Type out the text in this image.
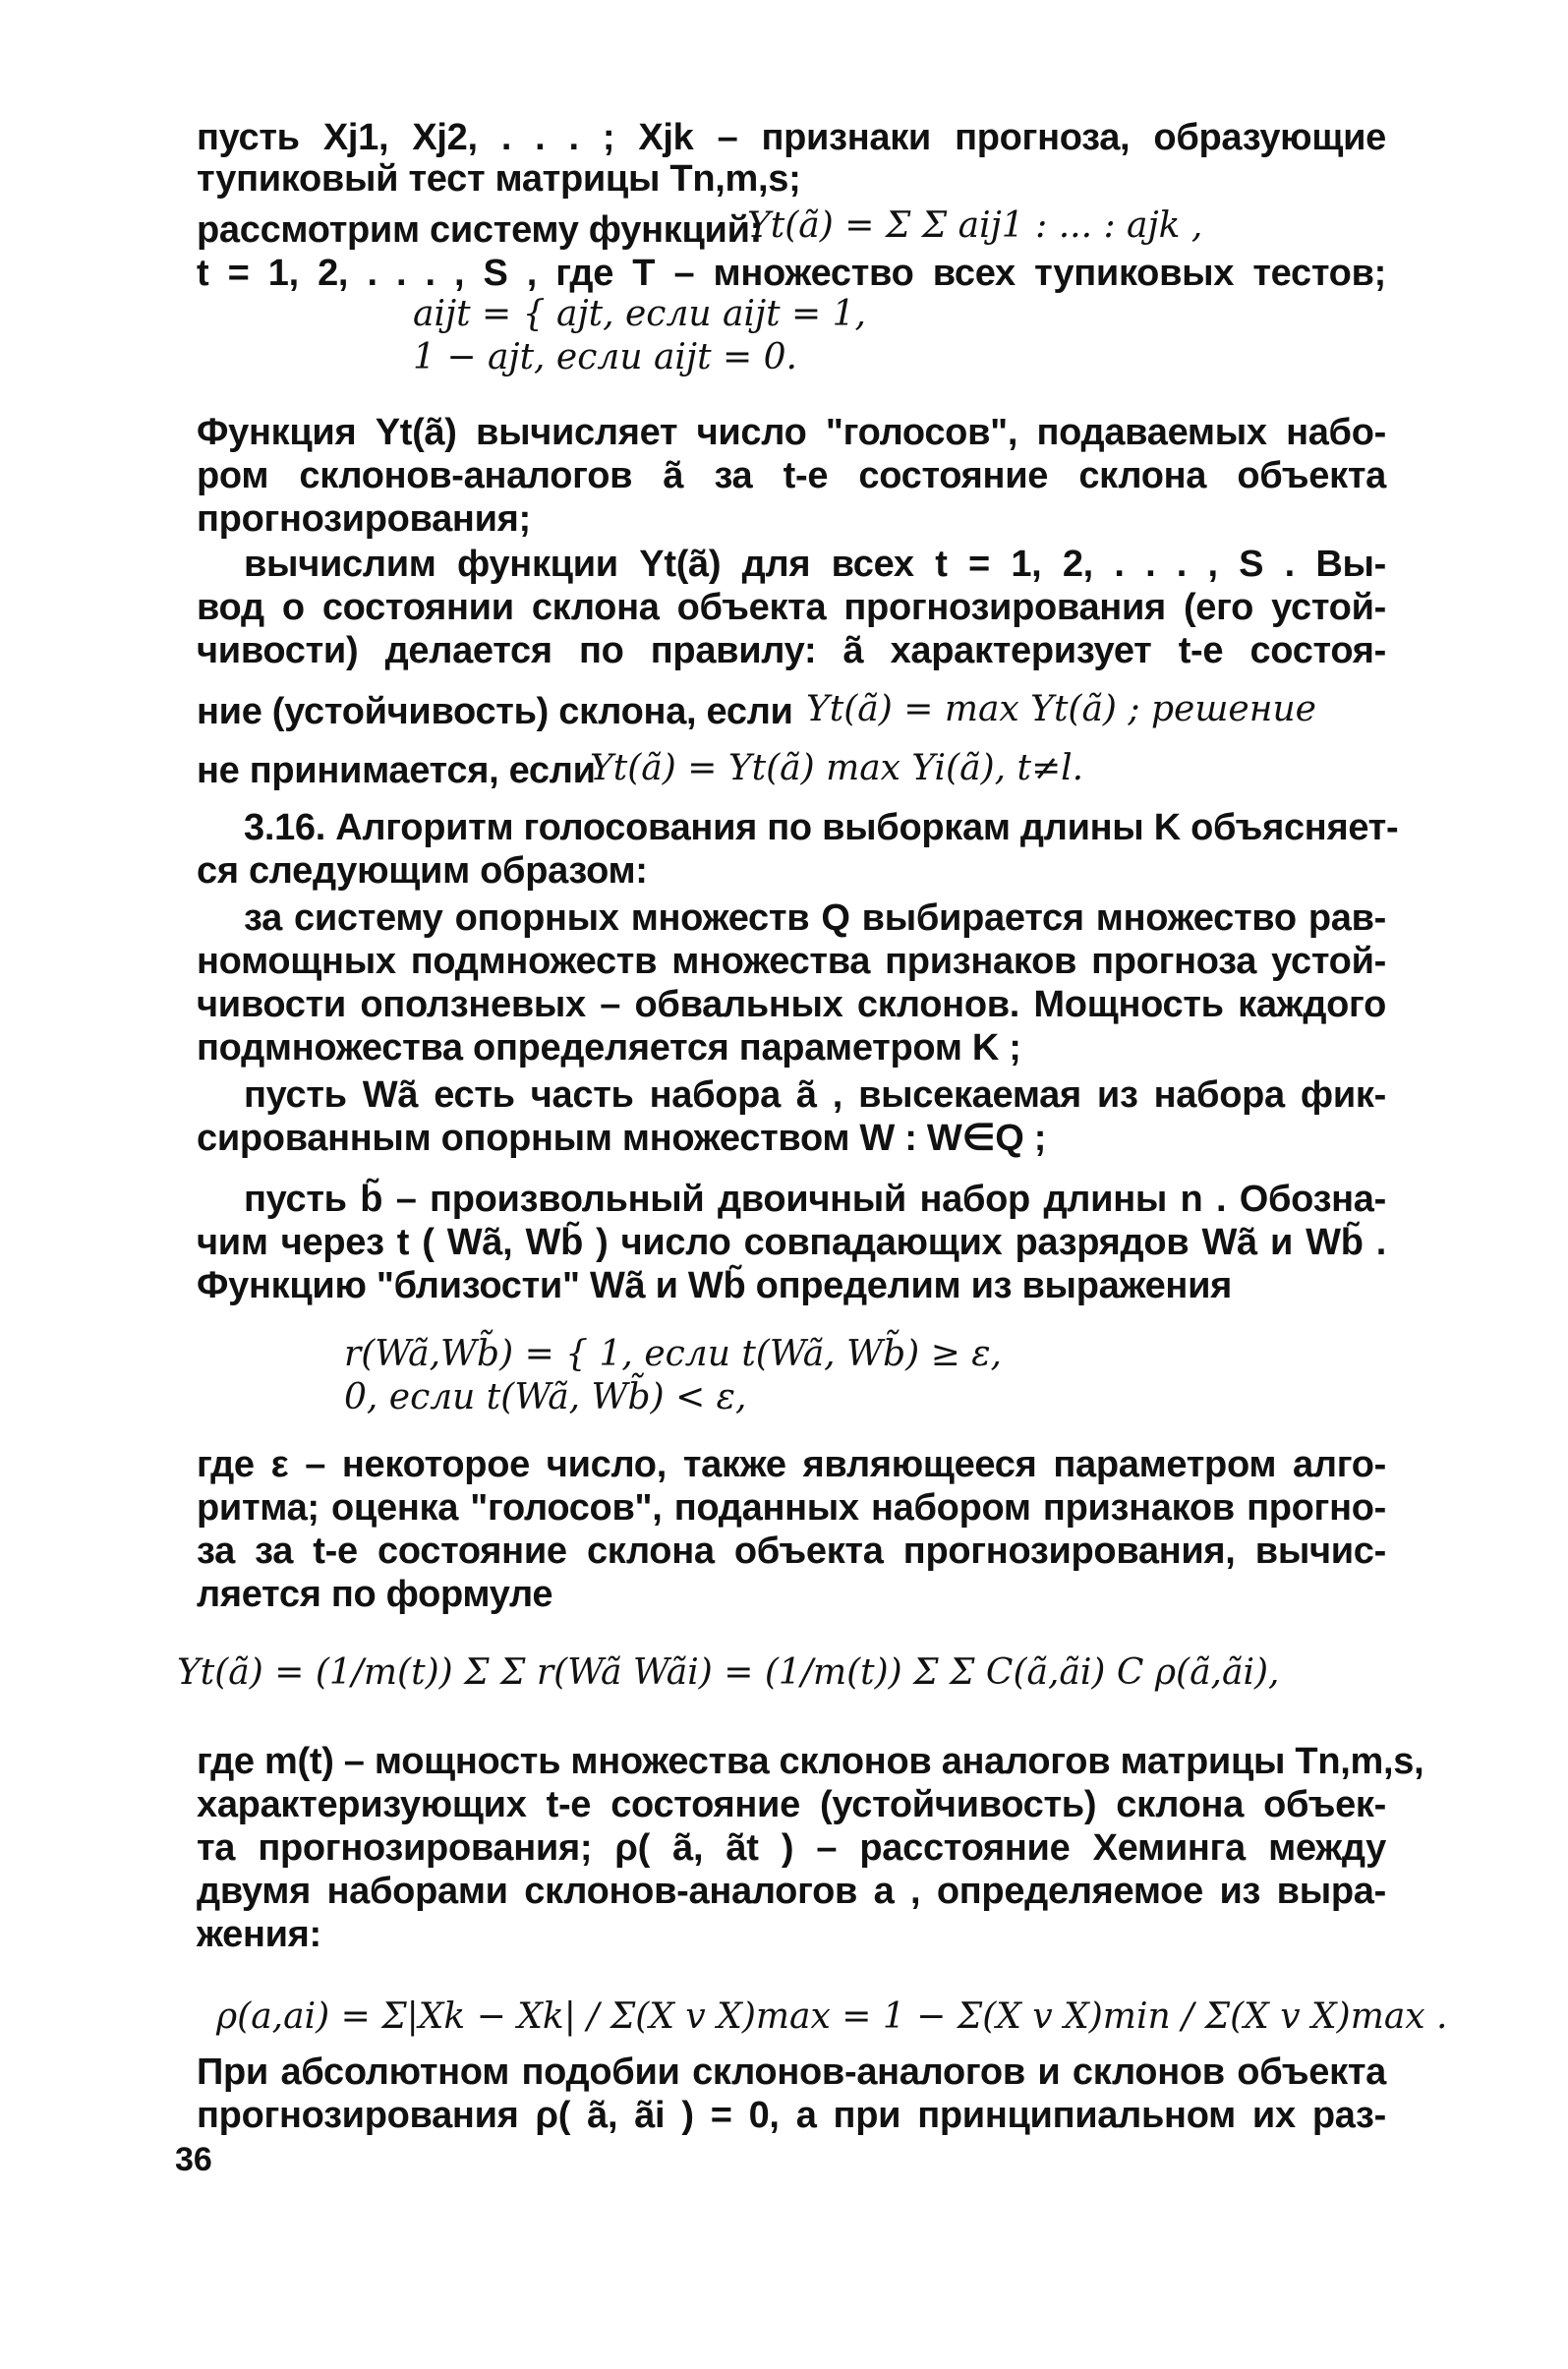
пусть Xj1, Xj2, . . . ; Xjk – признаки прогноза, образующие
тупиковый тест матрицы Tn,m,s;
рассмотрим систему функций:
Yt(ã) = Σ Σ aij1 : ... : ajk ,
t = 1, 2, . . . , S , где T – множество всех тупиковых тестов;
aijt = { ajt, если aijt = 1,
1 − ajt, если aijt = 0.
Функция Yt(ã) вычисляет число "голосов", подаваемых набо-
ром склонов-аналогов ã за t-е состояние склона объекта
прогнозирования;
вычислим функции Yt(ã) для всех t = 1, 2, . . . , S . Вы-
вод о состоянии склона объекта прогнозирования (его устой-
чивости) делается по правилу: ã характеризует t-е состоя-
ние (устойчивость) склона, если Yt(ã) = max Yt(ã) ; решение
не принимается, если
Yt(ã) = Yt(ã) max Yi(ã), t≠l.
3.16. Алгоритм голосования по выборкам длины K объясняет-
ся следующим образом:
за систему опорных множеств Q выбирается множество рав-
номощных подмножеств множества признаков прогноза устой-
чивости оползневых – обвальных склонов. Мощность каждого
подмножества определяется параметром K ;
пусть Wã есть часть набора ã , высекаемая из набора фик-
сированным опорным множеством W : W∈Q ;
пусть b̃ – произвольный двоичный набор длины n . Обозна-
чим через t ( Wã, Wb̃ ) число совпадающих разрядов Wã и Wb̃ .
Функцию "близости" Wã и Wb̃ определим из выражения
r(Wã,Wb̃) = { 1, если t(Wã, Wb̃) ≥ ε,
0, если t(Wã, Wb̃) < ε,
где ε – некоторое число, также являющееся параметром алго-
ритма; оценка "голосов", поданных набором признаков прогно-
за за t-е состояние склона объекта прогнозирования, вычис-
ляется по формуле
Yt(ã) = (1/m(t)) Σ Σ r(Wã Wãi) = (1/m(t)) Σ Σ C(ã,ãi) C ρ(ã,ãi),
где m(t) – мощность множества склонов аналогов матрицы Tn,m,s,
характеризующих t-е состояние (устойчивость) склона объек-
та прогнозирования; ρ( ã, ãt ) – расстояние Хеминга между
двумя наборами склонов-аналогов a , определяемое из выра-
жения:
ρ(a,ai) = Σ|Xk − Xk| / Σ(X v X)max = 1 − Σ(X v X)min / Σ(X v X)max .
При абсолютном подобии склонов-аналогов и склонов объекта
прогнозирования ρ( ã, ãi ) = 0, а при принципиальном их раз-
36
